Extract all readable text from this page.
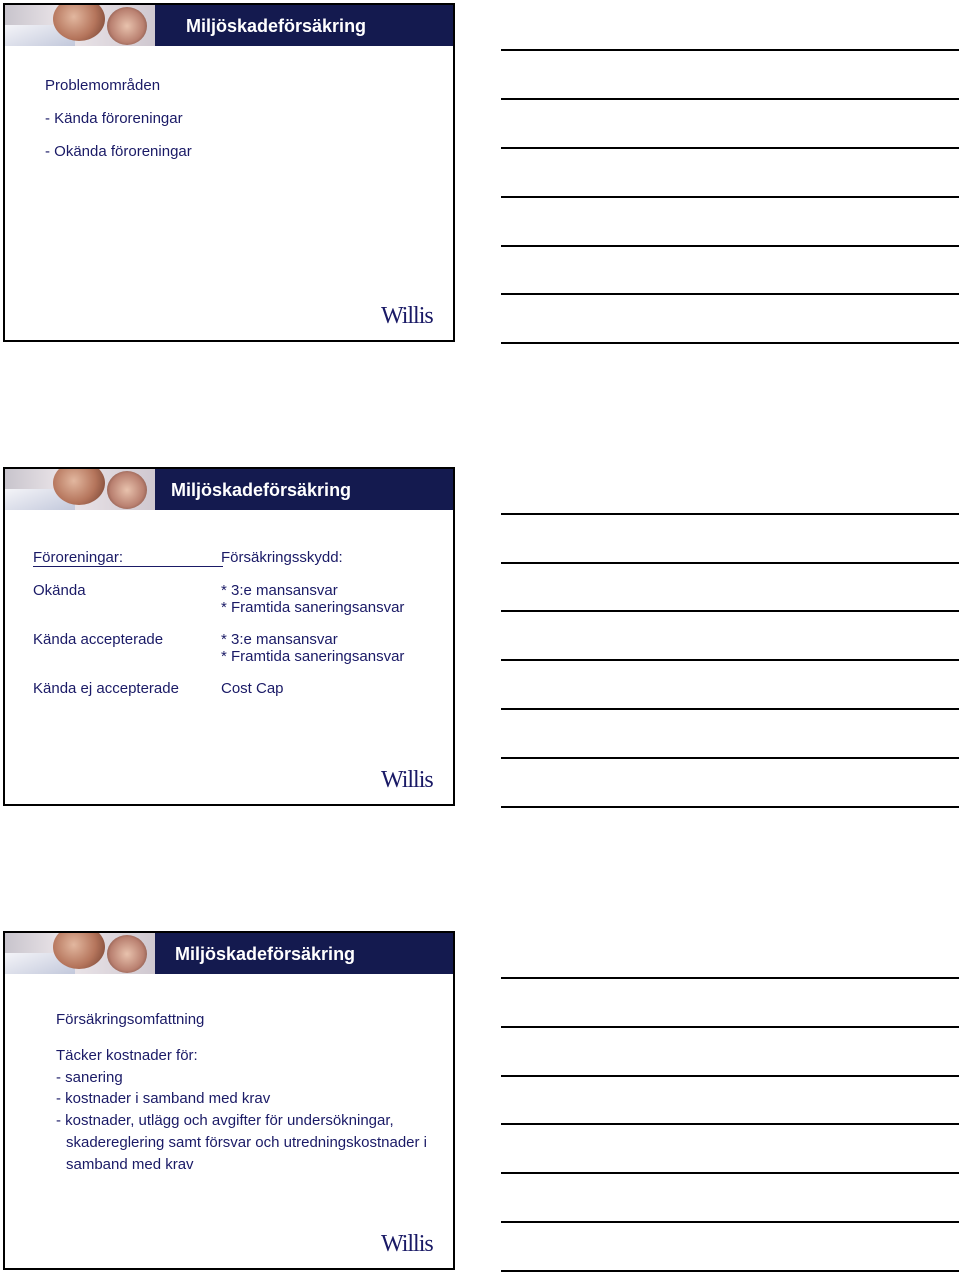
Miljöskadeförsäkring
Problemområden
- Kända föroreningar
- Okända föroreningar
Willis
Miljöskadeförsäkring
Föroreningar:	Försäkringsskydd:
Okända	* 3:e mansansvar
* Framtida saneringsansvar
Kända accepterade	* 3:e mansansvar
* Framtida saneringsansvar
Kända ej accepterade	Cost Cap
Willis
Miljöskadeförsäkring
Försäkringsomfattning
Täcker kostnader för:
- sanering
- kostnader i samband med krav
- kostnader, utlägg och avgifter för undersökningar,
skadereglering samt försvar och utredningskostnader i
samband med krav
Willis
